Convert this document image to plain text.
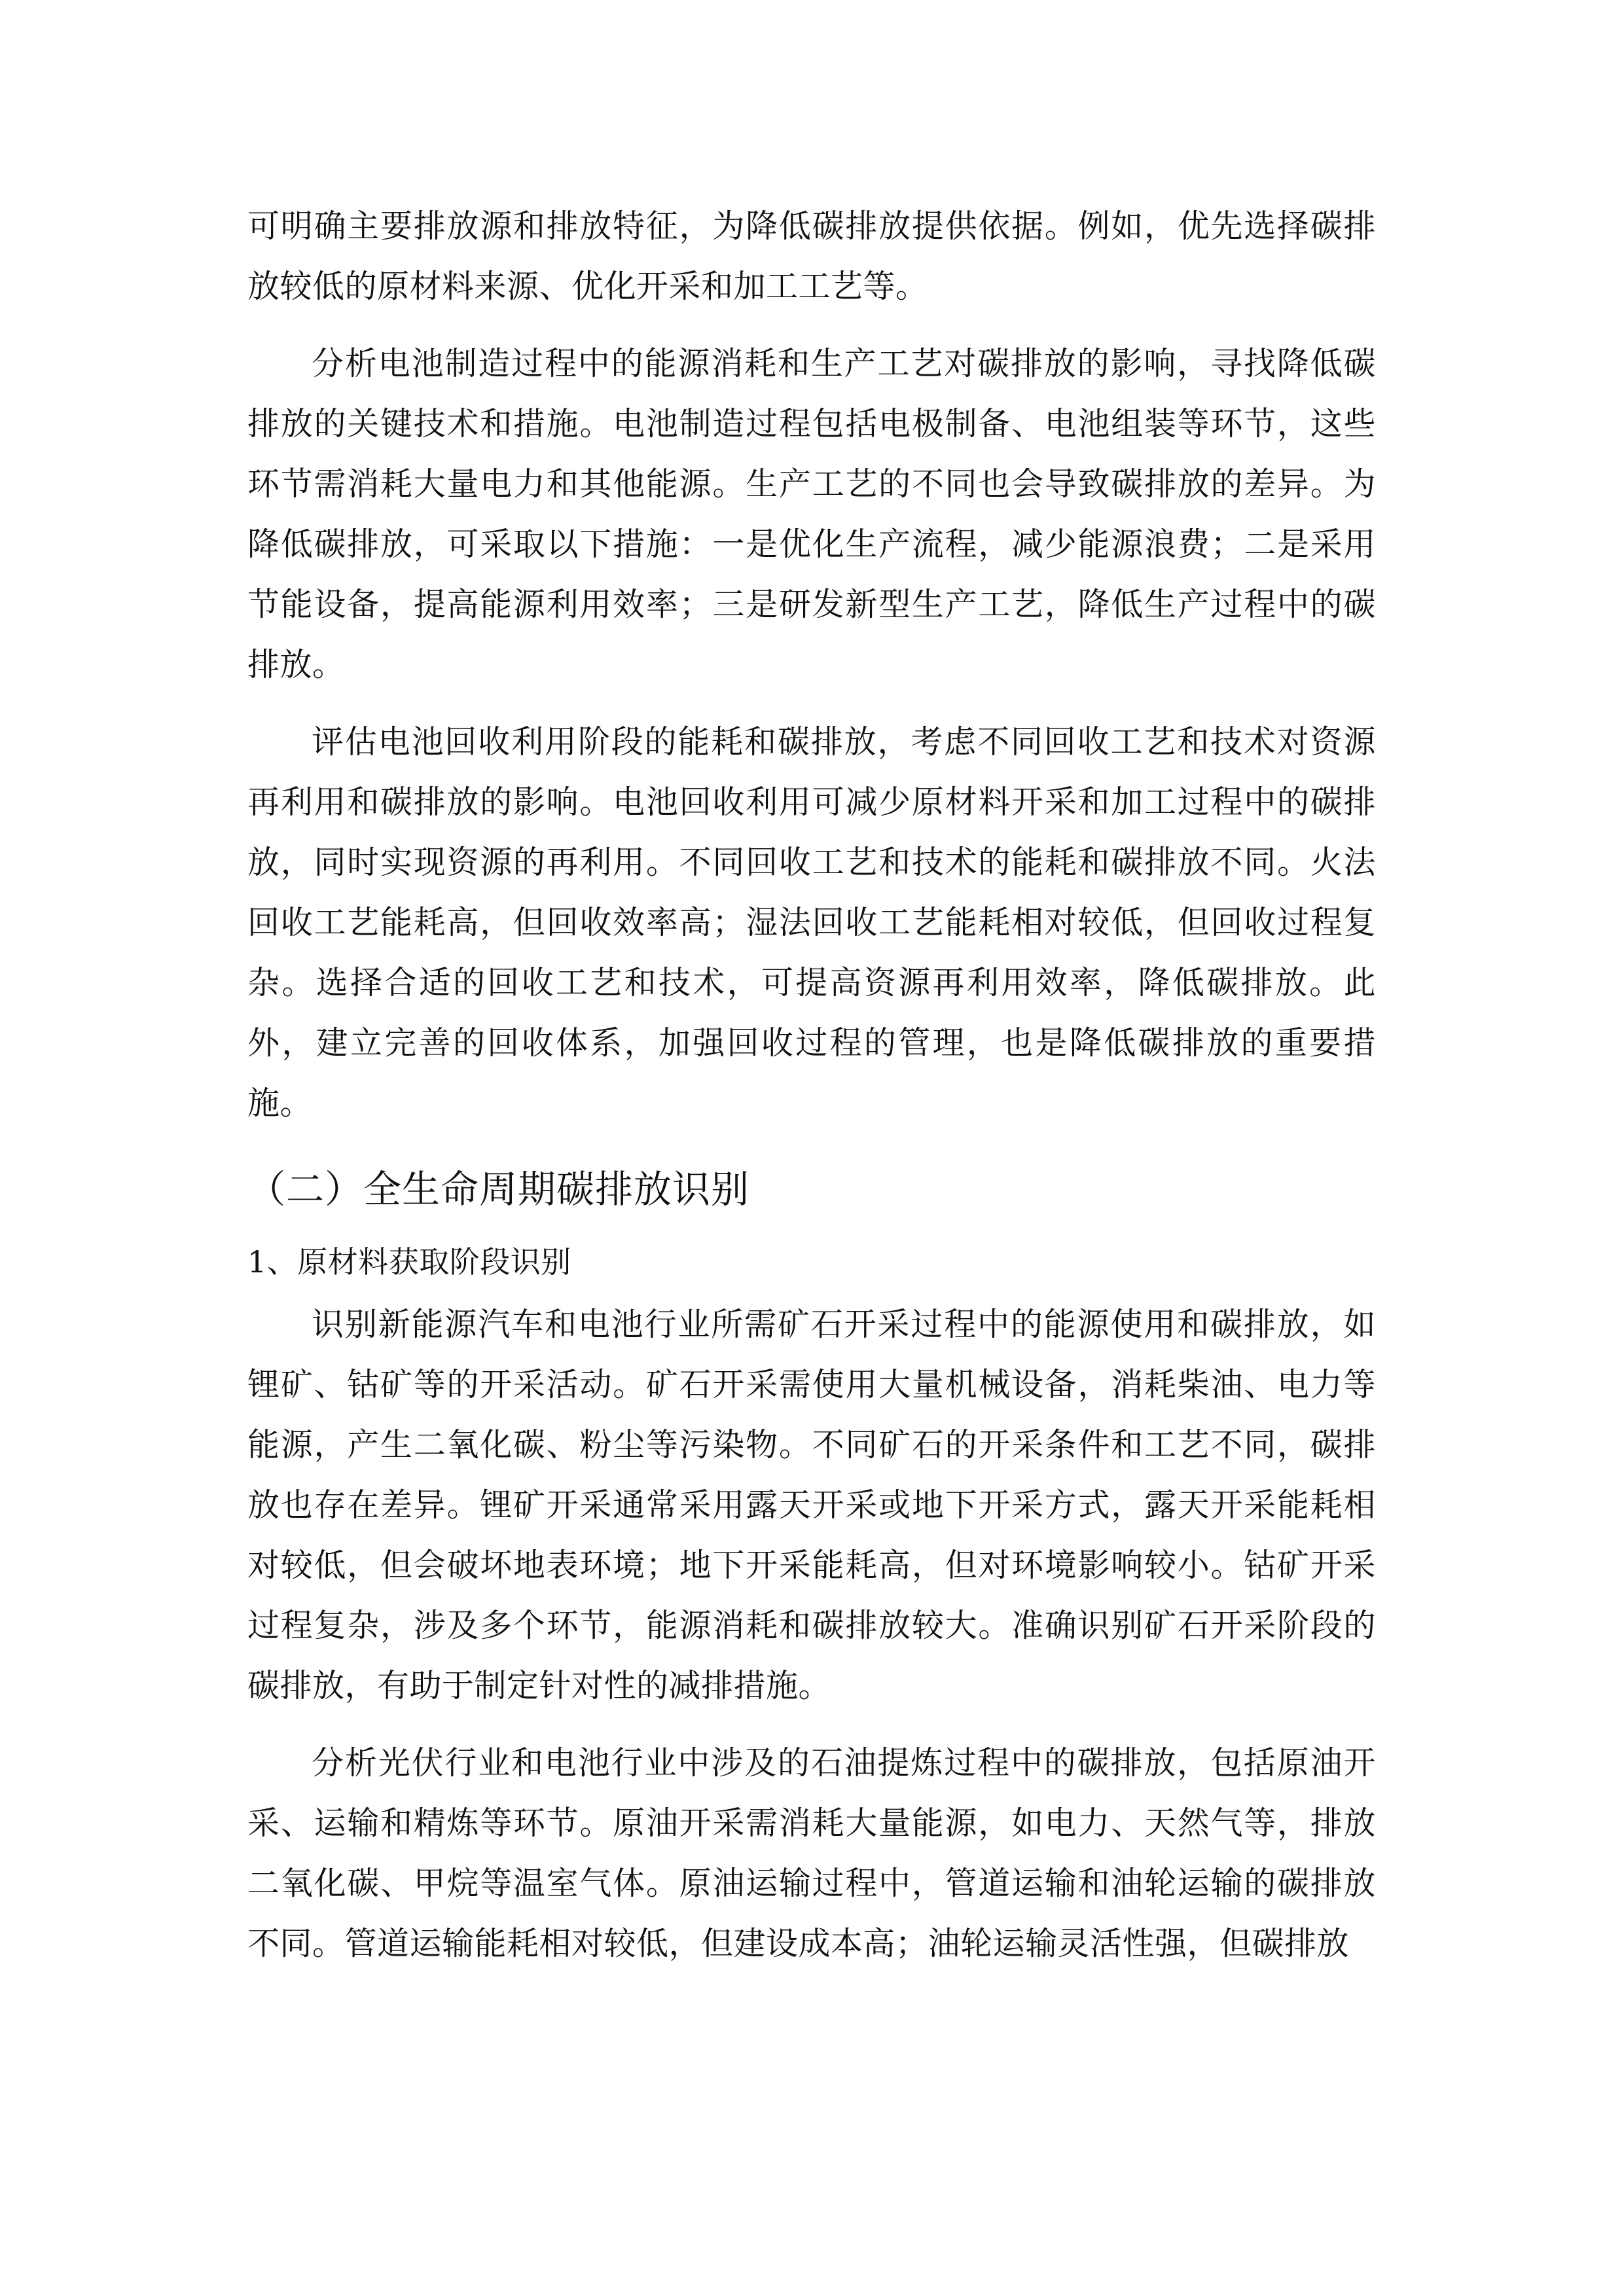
可明确主要排放源和排放特征，为降低碳排放提供依据。例如，优先选择碳排放较低的原材料来源、优化开采和加工工艺等。

分析电池制造过程中的能源消耗和生产工艺对碳排放的影响，寻找降低碳排放的关键技术和措施。电池制造过程包括电极制备、电池组装等环节，这些环节需消耗大量电力和其他能源。生产工艺的不同也会导致碳排放的差异。为降低碳排放，可采取以下措施：一是优化生产流程，减少能源浪费；二是采用节能设备，提高能源利用效率；三是研发新型生产工艺，降低生产过程中的碳排放。

评估电池回收利用阶段的能耗和碳排放，考虑不同回收工艺和技术对资源再利用和碳排放的影响。电池回收利用可减少原材料开采和加工过程中的碳排放，同时实现资源的再利用。不同回收工艺和技术的能耗和碳排放不同。火法回收工艺能耗高，但回收效率高；湿法回收工艺能耗相对较低，但回收过程复杂。选择合适的回收工艺和技术，可提高资源再利用效率，降低碳排放。此外，建立完善的回收体系，加强回收过程的管理，也是降低碳排放的重要措施。

（二）全生命周期碳排放识别
1、原材料获取阶段识别

识别新能源汽车和电池行业所需矿石开采过程中的能源使用和碳排放，如锂矿、钴矿等的开采活动。矿石开采需使用大量机械设备，消耗柴油、电力等能源，产生二氧化碳、粉尘等污染物。不同矿石的开采条件和工艺不同，碳排放也存在差异。锂矿开采通常采用露天开采或地下开采方式，露天开采能耗相对较低，但会破坏地表环境；地下开采能耗高，但对环境影响较小。钴矿开采过程复杂，涉及多个环节，能源消耗和碳排放较大。准确识别矿石开采阶段的碳排放，有助于制定针对性的减排措施。

分析光伏行业和电池行业中涉及的石油提炼过程中的碳排放，包括原油开采、运输和精炼等环节。原油开采需消耗大量能源，如电力、天然气等，排放二氧化碳、甲烷等温室气体。原油运输过程中，管道运输和油轮运输的碳排放不同。管道运输能耗相对较低，但建设成本高；油轮运输灵活性强，但碳排放
